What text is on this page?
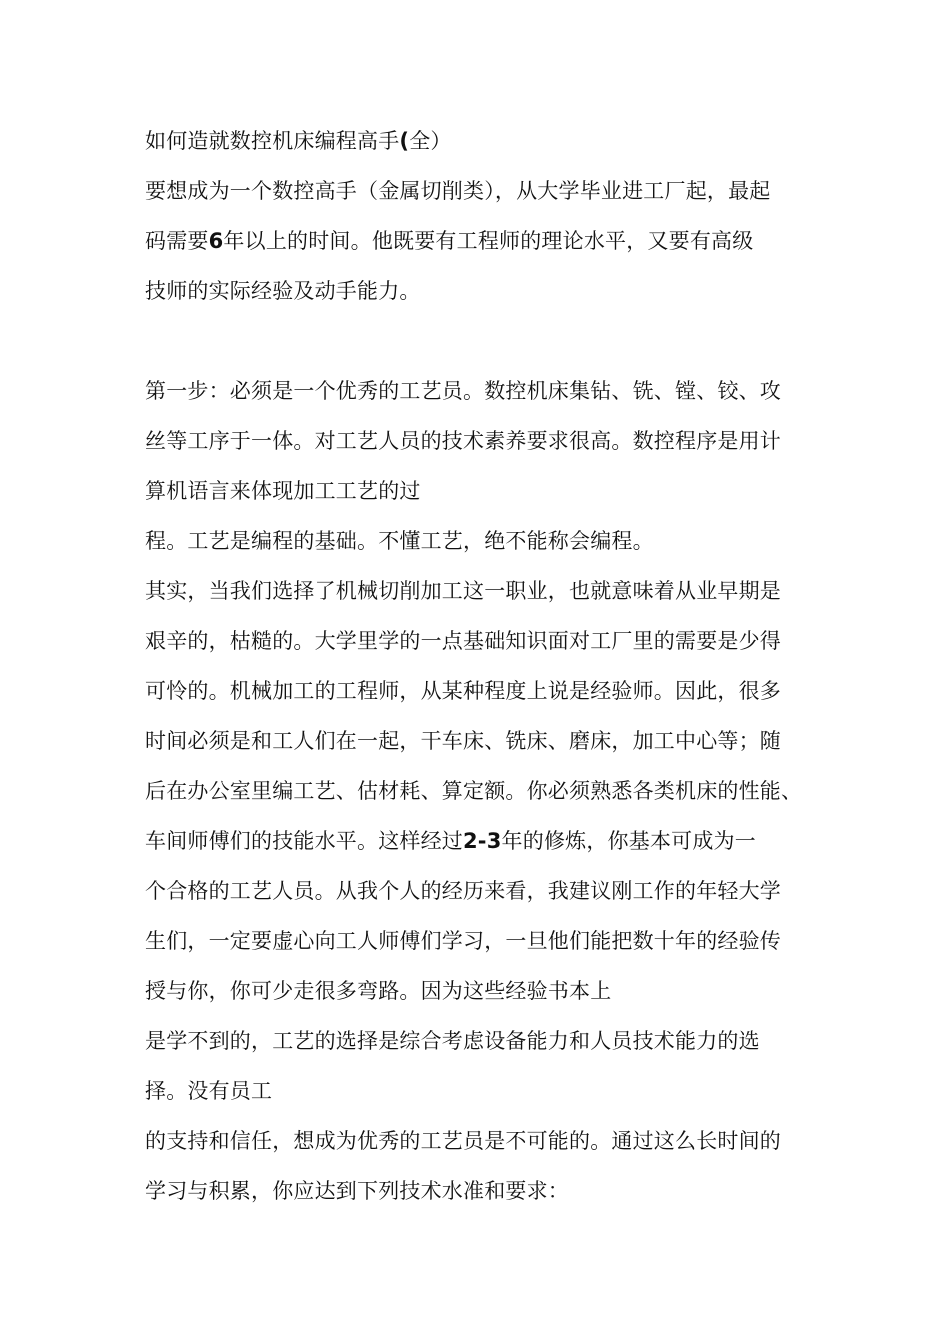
如何造就数控机床编程高手(全）
要想成为一个数控高手（金属切削类），从大学毕业进工厂起，最起
码需要6年以上的时间。他既要有工程师的理论水平，又要有高级
技师的实际经验及动手能力。
第一步：必须是一个优秀的工艺员。数控机床集钻、铣、镗、铰、攻
丝等工序于一体。对工艺人员的技术素养要求很高。数控程序是用计
算机语言来体现加工工艺的过
程。工艺是编程的基础。不懂工艺，绝不能称会编程。
其实，当我们选择了机械切削加工这一职业，也就意味着从业早期是
艰辛的，枯糙的。大学里学的一点基础知识面对工厂里的需要是少得
可怜的。机械加工的工程师，从某种程度上说是经验师。因此，很多
时间必须是和工人们在一起，干车床、铣床、磨床，加工中心等；随
后在办公室里编工艺、估材耗、算定额。你必须熟悉各类机床的性能、
车间师傅们的技能水平。这样经过2-3年的修炼，你基本可成为一
个合格的工艺人员。从我个人的经历来看，我建议刚工作的年轻大学
生们，一定要虚心向工人师傅们学习，一旦他们能把数十年的经验传
授与你，你可少走很多弯路。因为这些经验书本上
是学不到的，工艺的选择是综合考虑设备能力和人员技术能力的选
择。没有员工
的支持和信任，想成为优秀的工艺员是不可能的。通过这么长时间的
学习与积累，你应达到下列技术水准和要求：
